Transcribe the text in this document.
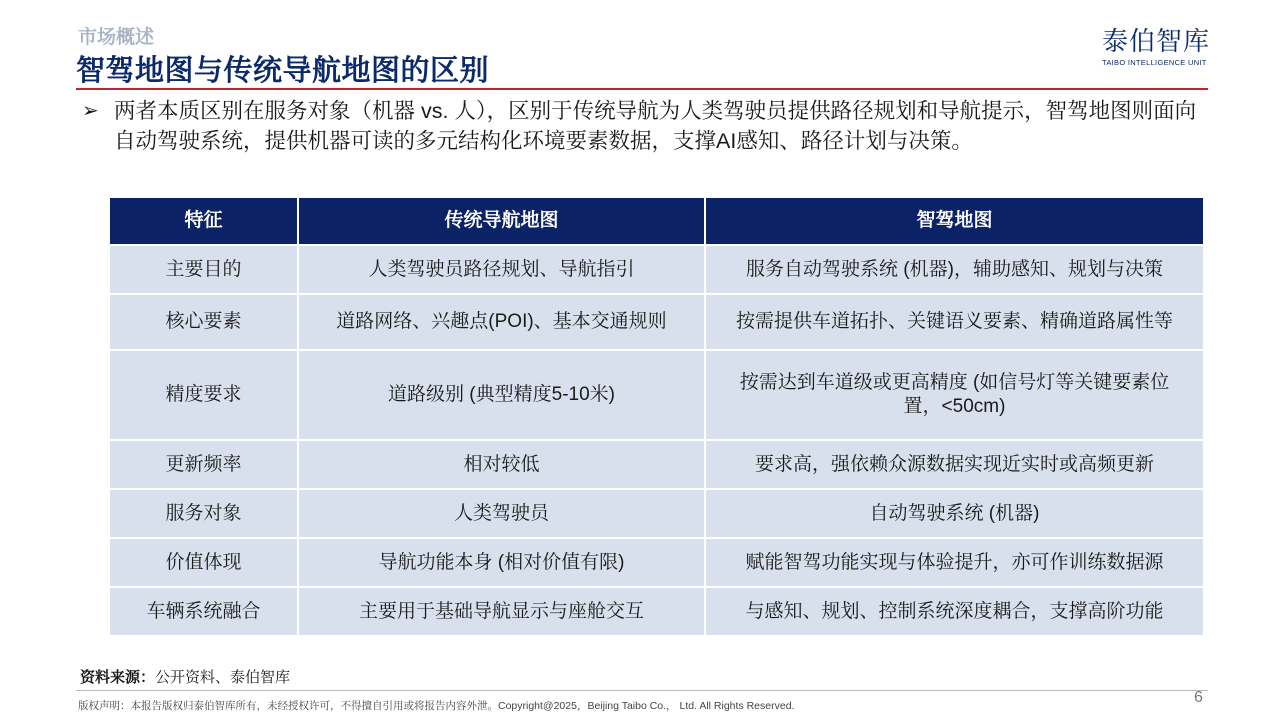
市场概述
智驾地图与传统导航地图的区别
泰伯智库
TAIBO INTELLIGENCE UNIT
➢ 两者本质区别在服务对象（机器 vs. 人），区别于传统导航为人类驾驶员提供路径规划和导航提示，智驾地图则面向自动驾驶系统，提供机器可读的多元结构化环境要素数据，支撑AI感知、路径计划与决策。
特征	传统导航地图	智驾地图
主要目的	人类驾驶员路径规划、导航指引	服务自动驾驶系统 (机器)，辅助感知、规划与决策
核心要素	道路网络、兴趣点(POI)、基本交通规则	按需提供车道拓扑、关键语义要素、精确道路属性等
精度要求	道路级别 (典型精度5-10米)	按需达到车道级或更高精度 (如信号灯等关键要素位置，<50cm)
更新频率	相对较低	要求高，强依赖众源数据实现近实时或高频更新
服务对象	人类驾驶员	自动驾驶系统 (机器)
价值体现	导航功能本身 (相对价值有限)	赋能智驾功能实现与体验提升，亦可作训练数据源
车辆系统融合	主要用于基础导航显示与座舱交互	与感知、规划、控制系统深度耦合，支撑高阶功能
资料来源：公开资料、泰伯智库
版权声明：本报告版权归泰伯智库所有，未经授权许可，不得擅自引用或将报告内容外泄。Copyright@2025，Beijing Taibo Co.， Ltd. All Rights Reserved.	6
